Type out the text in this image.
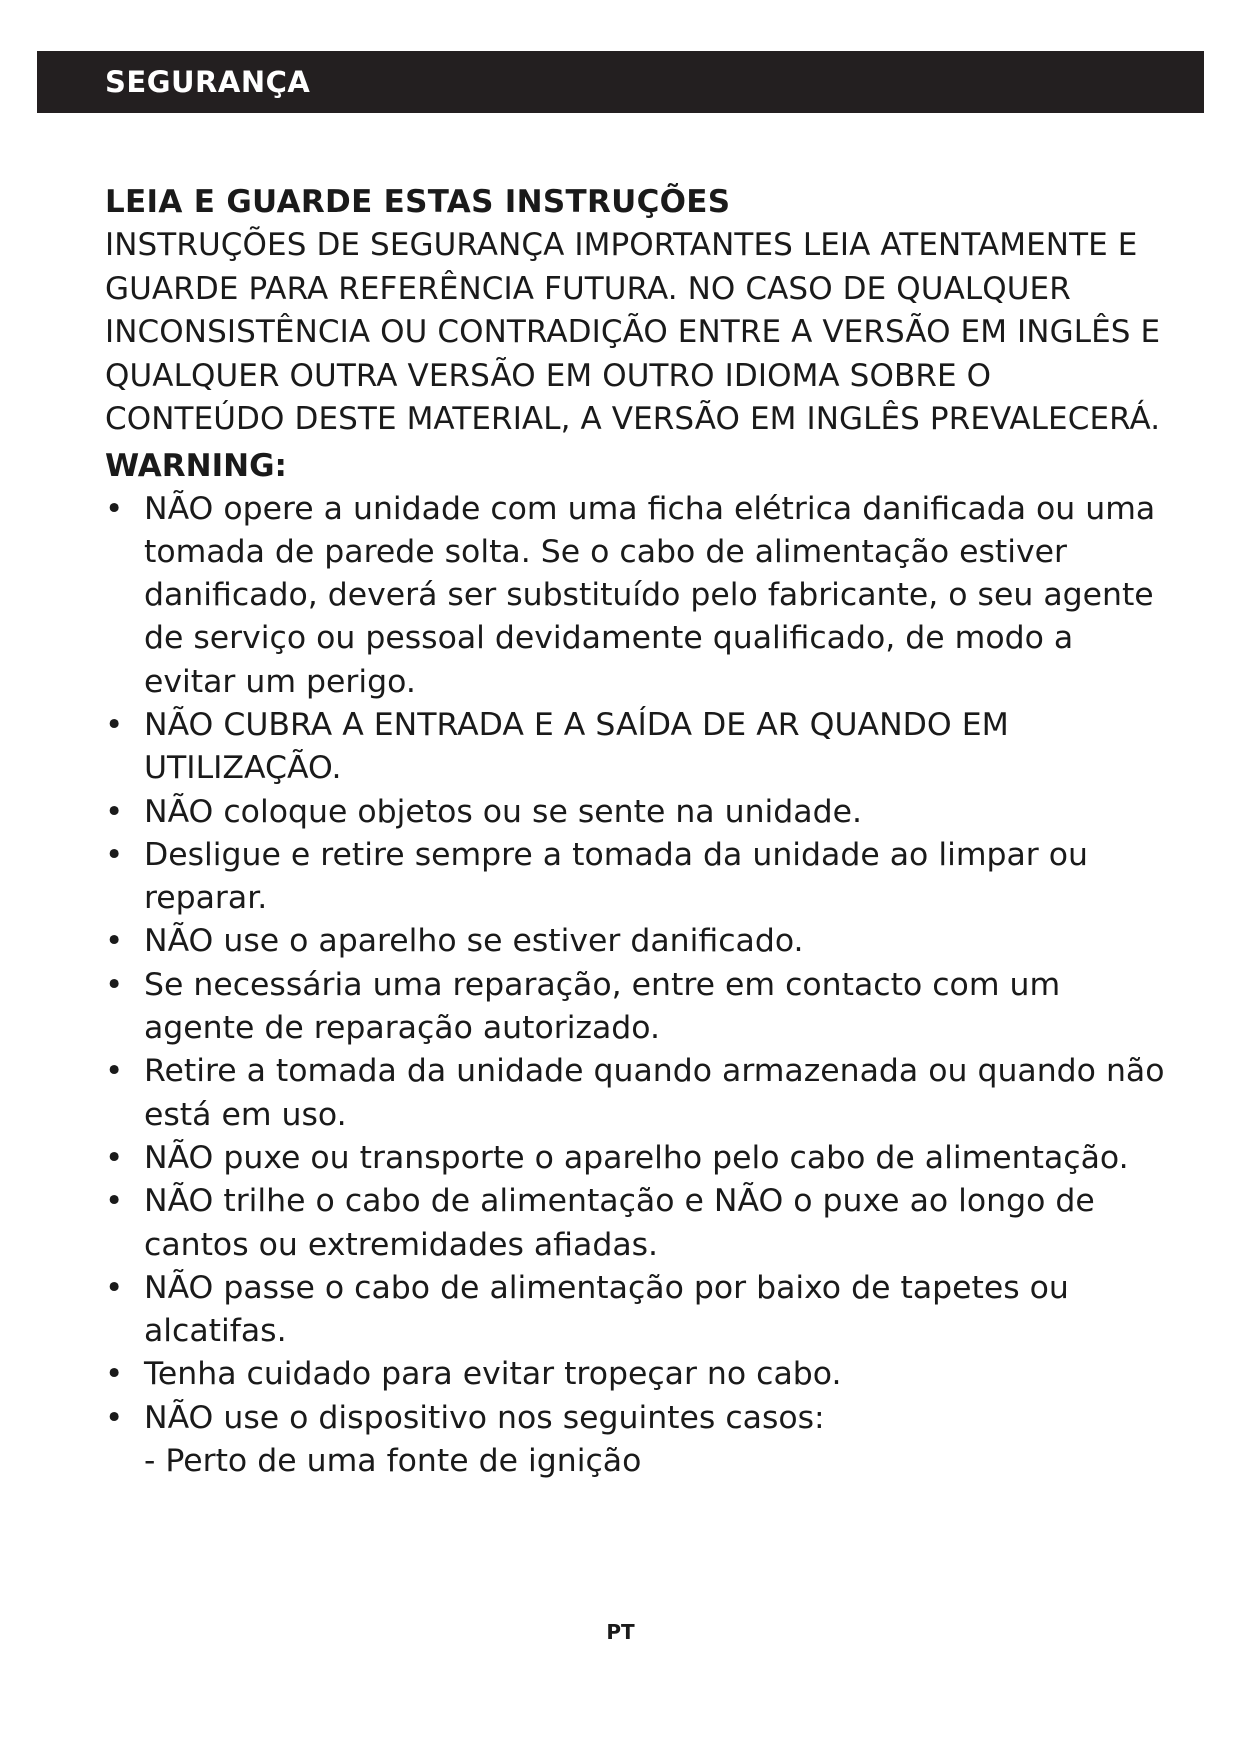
SEGURANÇA

LEIA E GUARDE ESTAS INSTRUÇÕES

INSTRUÇÕES DE SEGURANÇA IMPORTANTES LEIA ATENTAMENTE E GUARDE PARA REFERÊNCIA FUTURA. NO CASO DE QUALQUER INCONSISTÊNCIA OU CONTRADIÇÃO ENTRE A VERSÃO EM INGLÊS E QUALQUER OUTRA VERSÃO EM OUTRO IDIOMA SOBRE O CONTEÚDO DESTE MATERIAL, A VERSÃO EM INGLÊS PREVALECERÁ.

WARNING:

• NÃO opere a unidade com uma ficha elétrica danificada ou uma tomada de parede solta. Se o cabo de alimentação estiver danificado, deverá ser substituído pelo fabricante, o seu agente de serviço ou pessoal devidamente qualificado, de modo a evitar um perigo.
• NÃO CUBRA A ENTRADA E A SAÍDA DE AR QUANDO EM UTILIZAÇÃO.
• NÃO coloque objetos ou se sente na unidade.
• Desligue e retire sempre a tomada da unidade ao limpar ou reparar.
• NÃO use o aparelho se estiver danificado.
• Se necessária uma reparação, entre em contacto com um agente de reparação autorizado.
• Retire a tomada da unidade quando armazenada ou quando não está em uso.
• NÃO puxe ou transporte o aparelho pelo cabo de alimentação.
• NÃO trilhe o cabo de alimentação e NÃO o puxe ao longo de cantos ou extremidades afiadas.
• NÃO passe o cabo de alimentação por baixo de tapetes ou alcatifas.
• Tenha cuidado para evitar tropeçar no cabo.
• NÃO use o dispositivo nos seguintes casos:
- Perto de uma fonte de ignição
PT
